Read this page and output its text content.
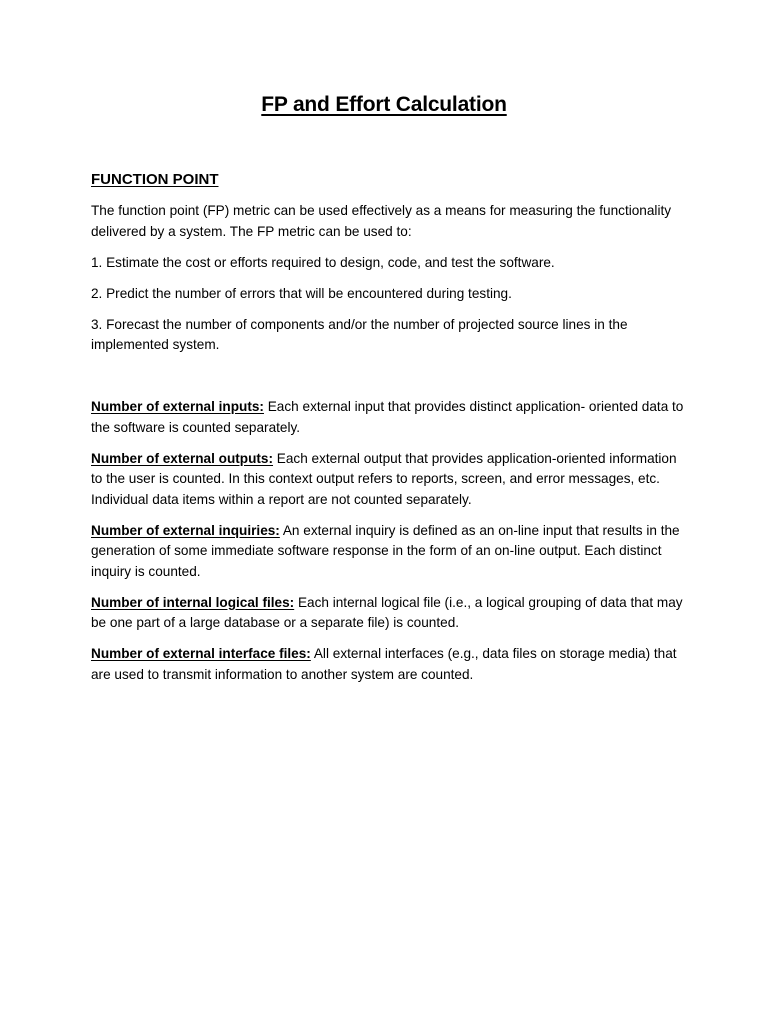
FP and Effort Calculation
FUNCTION POINT

The function point (FP) metric can be used effectively as a means for measuring the functionality delivered by a system. The FP metric can be used to:

1. Estimate the cost or efforts required to design, code, and test the software.

2. Predict the number of errors that will be encountered during testing.

3. Forecast the number of components and/or the number of projected source lines in the implemented system.

Number of external inputs: Each external input that provides distinct application- oriented data to the software is counted separately.

Number of external outputs: Each external output that provides application-oriented information to the user is counted. In this context output refers to reports, screen, and error messages, etc. Individual data items within a report are not counted separately.

Number of external inquiries: An external inquiry is defined as an on-line input that results in the generation of some immediate software response in the form of an on-line output. Each distinct inquiry is counted.

Number of internal logical files: Each internal logical file (i.e., a logical grouping of data that may be one part of a large database or a separate file) is counted.

Number of external interface files: All external interfaces (e.g., data files on storage media) that are used to transmit information to another system are counted.
